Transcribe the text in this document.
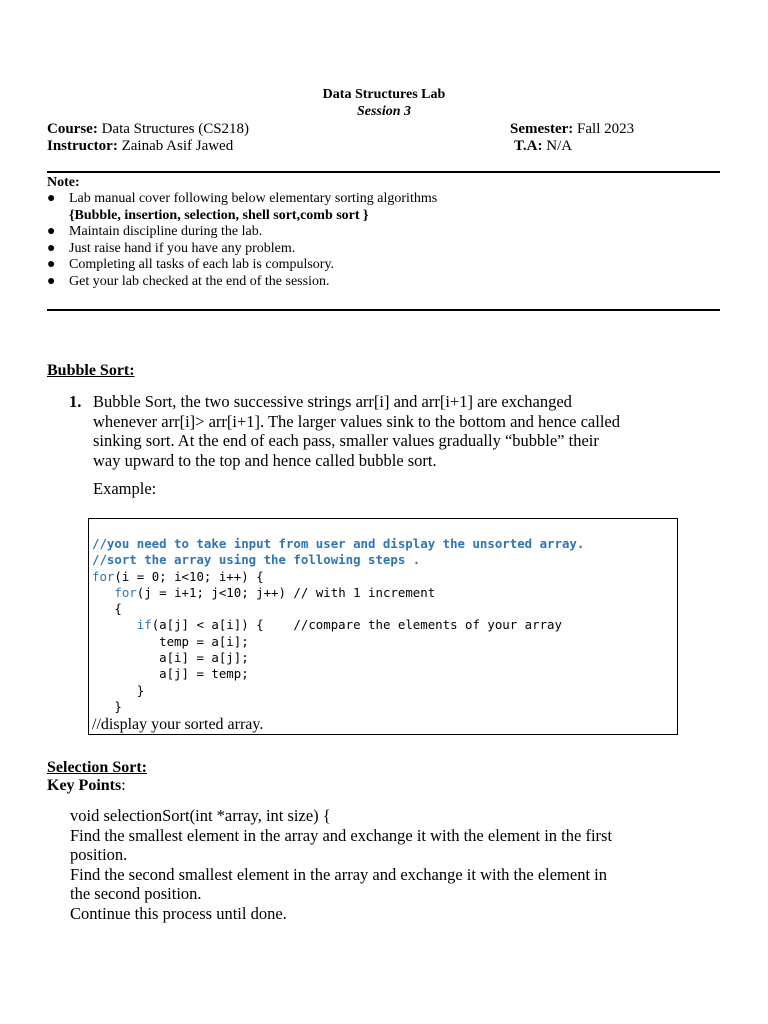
Data Structures Lab
Session 3
Course: Data Structures (CS218)	Semester: Fall 2023
Instructor: Zainab Asif Jawed	T.A: N/A
Note:
● Lab manual cover following below elementary sorting algorithms
{Bubble, insertion, selection, shell sort,comb sort }
● Maintain discipline during the lab.
● Just raise hand if you have any problem.
● Completing all tasks of each lab is compulsory.
● Get your lab checked at the end of the session.
Bubble Sort:
1. Bubble Sort, the two successive strings arr[i] and arr[i+1] are exchanged
whenever arr[i]> arr[i+1]. The larger values sink to the bottom and hence called
sinking sort. At the end of each pass, smaller values gradually “bubble” their
way upward to the top and hence called bubble sort.
Example:
//you need to take input from user and display the unsorted array.
//sort the array using the following steps .
for(i = 0; i<10; i++) {
for(j = i+1; j<10; j++) // with 1 increment
{
if(a[j] < a[i]) {    //compare the elements of your array
temp = a[i];
a[i] = a[j];
a[j] = temp;
}
}
//display your sorted array.
Selection Sort:
Key Points:
void selectionSort(int *array, int size) {
Find the smallest element in the array and exchange it with the element in the first
position.
Find the second smallest element in the array and exchange it with the element in
the second position.
Continue this process until done.
